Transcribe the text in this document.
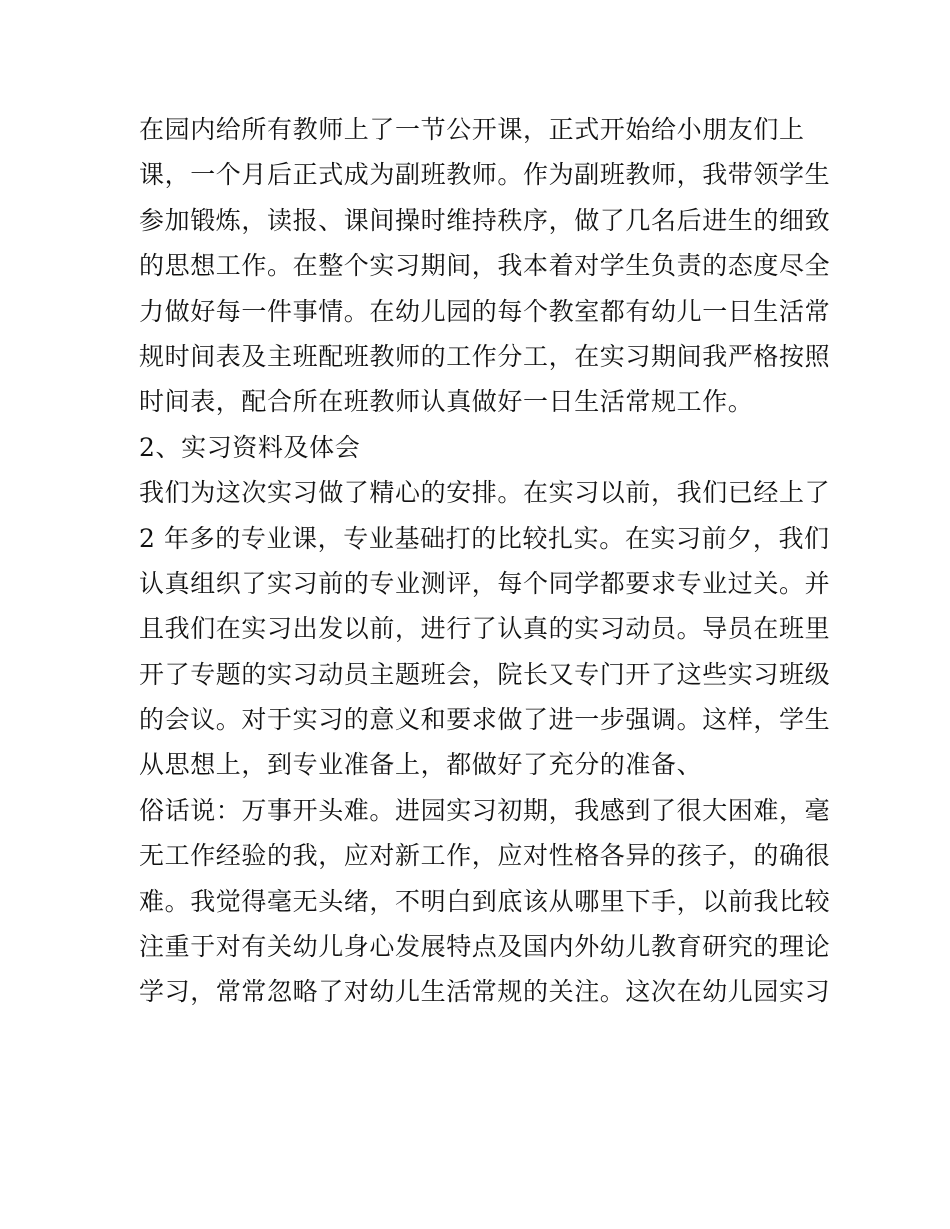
在园内给所有教师上了一节公开课，正式开始给小朋友们上
课，一个月后正式成为副班教师。作为副班教师，我带领学生
参加锻炼，读报、课间操时维持秩序，做了几名后进生的细致
的思想工作。在整个实习期间，我本着对学生负责的态度尽全
力做好每一件事情。在幼儿园的每个教室都有幼儿一日生活常
规时间表及主班配班教师的工作分工，在实习期间我严格按照
时间表，配合所在班教师认真做好一日生活常规工作。
2、实习资料及体会
我们为这次实习做了精心的安排。在实习以前，我们已经上了
2 年多的专业课，专业基础打的比较扎实。在实习前夕，我们
认真组织了实习前的专业测评，每个同学都要求专业过关。并
且我们在实习出发以前，进行了认真的实习动员。导员在班里
开了专题的实习动员主题班会，院长又专门开了这些实习班级
的会议。对于实习的意义和要求做了进一步强调。这样，学生
从思想上，到专业准备上，都做好了充分的准备、
俗话说：万事开头难。进园实习初期，我感到了很大困难，毫
无工作经验的我，应对新工作，应对性格各异的孩子，的确很
难。我觉得毫无头绪，不明白到底该从哪里下手，以前我比较
注重于对有关幼儿身心发展特点及国内外幼儿教育研究的理论
学习，常常忽略了对幼儿生活常规的关注。这次在幼儿园实习
